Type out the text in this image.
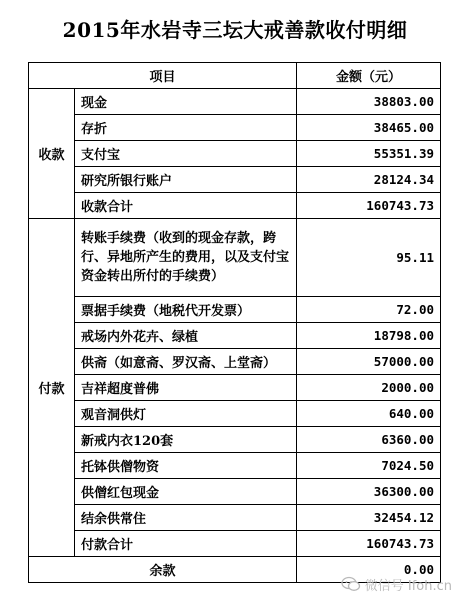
2015年水岩寺三坛大戒善款收付明细
项目		金额（元）
收款	现金	38803.00
	存折	38465.00
	支付宝	55351.39
	研究所银行账户	28124.34
	收款合计	160743.73
付款	转账手续费（收到的现金存款，跨行、异地所产生的费用，以及支付宝资金转出所付的手续费）	95.11
	票据手续费（地税代开发票）	72.00
	戒场内外花卉、绿植	18798.00
	供斋（如意斋、罗汉斋、上堂斋）	57000.00
	吉祥超度普佛	2000.00
	观音洞供灯	640.00
	新戒内衣120套	6360.00
	托钵供僧物资	7024.50
	供僧红包现金	36300.00
	结余供常住	32454.12
	付款合计	160743.73
余款		0.00
微信号 Ifoh.cn
